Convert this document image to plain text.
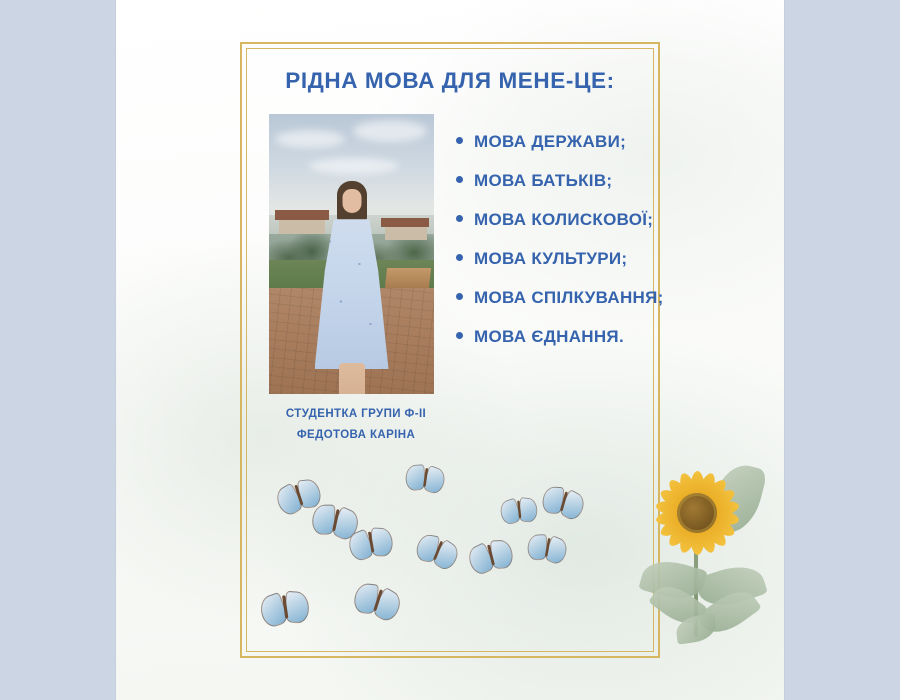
РІДНА МОВА ДЛЯ МЕНЕ-ЦЕ:
СТУДЕНТКА ГРУПИ Ф-ІІ
ФЕДОТОВА КАРІНА
МОВА ДЕРЖАВИ;
МОВА БАТЬКІВ;
МОВА КОЛИСКОВОЇ;
МОВА КУЛЬТУРИ;
МОВА СПІЛКУВАННЯ;
МОВА ЄДНАННЯ.
